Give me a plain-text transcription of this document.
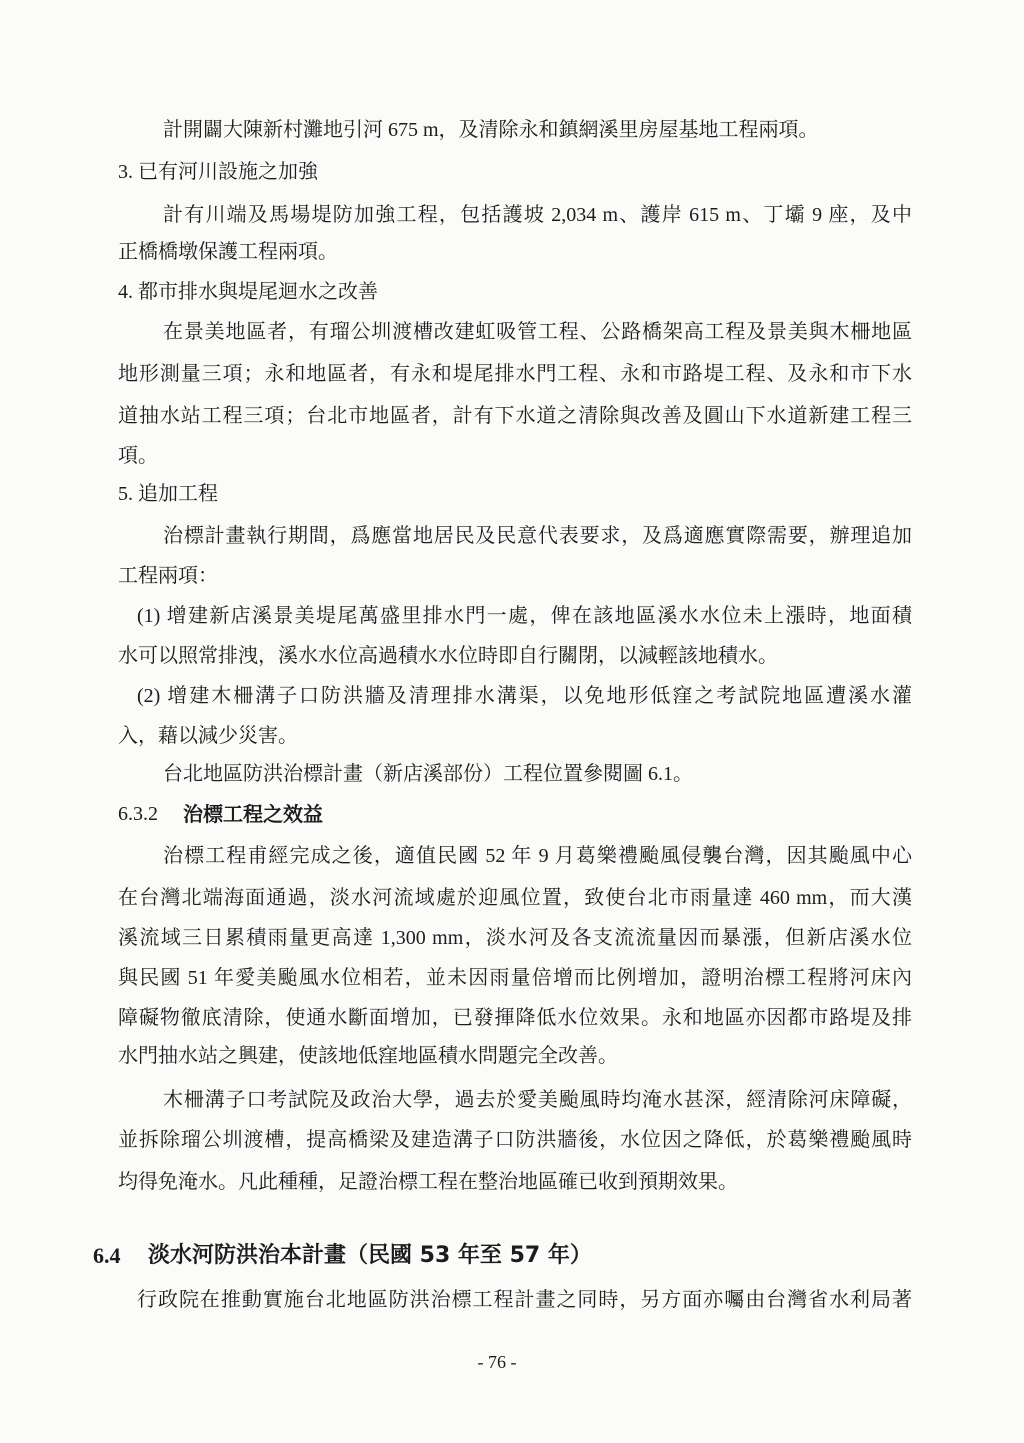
計開闢大陳新村灘地引河 675 m，及清除永和鎮網溪里房屋基地工程兩項。
3. 已有河川設施之加強
計有川端及馬場堤防加強工程，包括護坡 2,034 m、護岸 615 m、丁壩 9 座，及中
正橋橋墩保護工程兩項。
4. 都市排水與堤尾迴水之改善
在景美地區者，有瑠公圳渡槽改建虹吸管工程、公路橋架高工程及景美與木柵地區
地形測量三項；永和地區者，有永和堤尾排水門工程、永和市路堤工程、及永和市下水
道抽水站工程三項；台北市地區者，計有下水道之清除與改善及圓山下水道新建工程三
項。
5. 追加工程
治標計畫執行期間，爲應當地居民及民意代表要求，及爲適應實際需要，辦理追加
工程兩項：
(1) 增建新店溪景美堤尾萬盛里排水門一處，俾在該地區溪水水位未上漲時，地面積
水可以照常排洩，溪水水位高過積水水位時即自行關閉，以減輕該地積水。
(2) 增建木柵溝子口防洪牆及清理排水溝渠，以免地形低窪之考試院地區遭溪水灌
入，藉以減少災害。
台北地區防洪治標計畫（新店溪部份）工程位置參閱圖 6.1。
6.3.2	治標工程之效益
治標工程甫經完成之後，適值民國 52 年 9 月葛樂禮颱風侵襲台灣，因其颱風中心
在台灣北端海面通過，淡水河流域處於迎風位置，致使台北市雨量達 460 mm，而大漢
溪流域三日累積雨量更高達 1,300 mm，淡水河及各支流流量因而暴漲，但新店溪水位
與民國 51 年愛美颱風水位相若，並未因雨量倍增而比例增加，證明治標工程將河床內
障礙物徹底清除，使通水斷面增加，已發揮降低水位效果。永和地區亦因都市路堤及排
水門抽水站之興建，使該地低窪地區積水問題完全改善。
木柵溝子口考試院及政治大學，過去於愛美颱風時均淹水甚深，經清除河床障礙，
並拆除瑠公圳渡槽，提高橋梁及建造溝子口防洪牆後，水位因之降低，於葛樂禮颱風時
均得免淹水。凡此種種，足證治標工程在整治地區確已收到預期效果。
6.4	淡水河防洪治本計畫（民國 53 年至 57 年）
行政院在推動實施台北地區防洪治標工程計畫之同時，另方面亦囑由台灣省水利局著
- 76 -
